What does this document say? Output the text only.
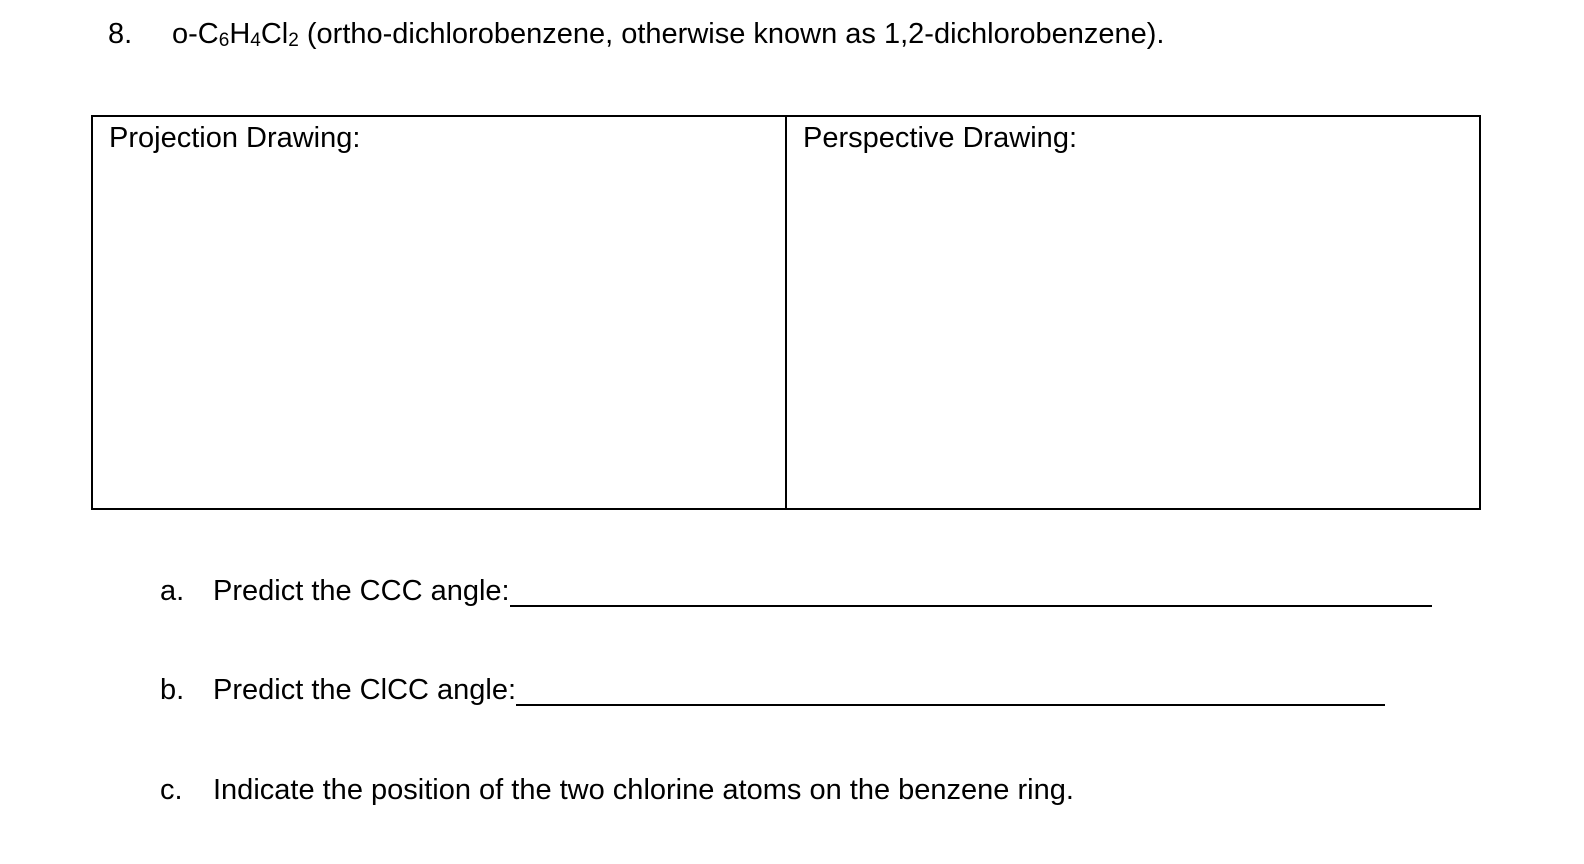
8. $o-C_6H_4Cl_2$ (ortho-dichlorobenzene, otherwise known as 1,2-dichlorobenzene).
Projection Drawing:	Perspective Drawing:
a. Predict the CCC angle:
b. Predict the ClCC angle:
c.	Indicate the position of the two chlorine atoms on the benzene ring.
